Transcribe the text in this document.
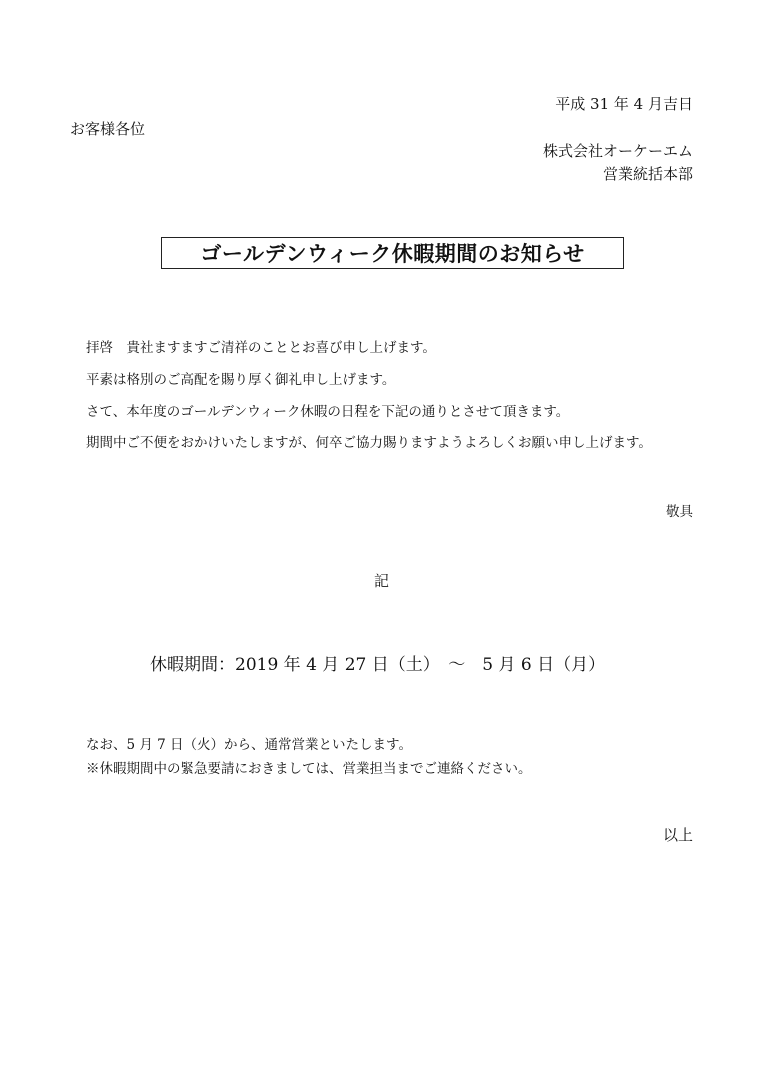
平成 31 年 4 月吉日
お客様各位
株式会社オーケーエム
営業統括本部
ゴールデンウィーク休暇期間のお知らせ
拝啓　貴社ますますご清祥のこととお喜び申し上げます。
平素は格別のご高配を賜り厚く御礼申し上げます。
さて、本年度のゴールデンウィーク休暇の日程を下記の通りとさせて頂きます。
期間中ご不便をおかけいたしますが、何卒ご協力賜りますようよろしくお願い申し上げます。
敬具
記
休暇期間：2019 年 4 月 27 日（土）　～　5 月 6 日（月）
なお、5 月 7 日（火）から、通常営業といたします。
※休暇期間中の緊急要請におきましては、営業担当までご連絡ください。
以上
